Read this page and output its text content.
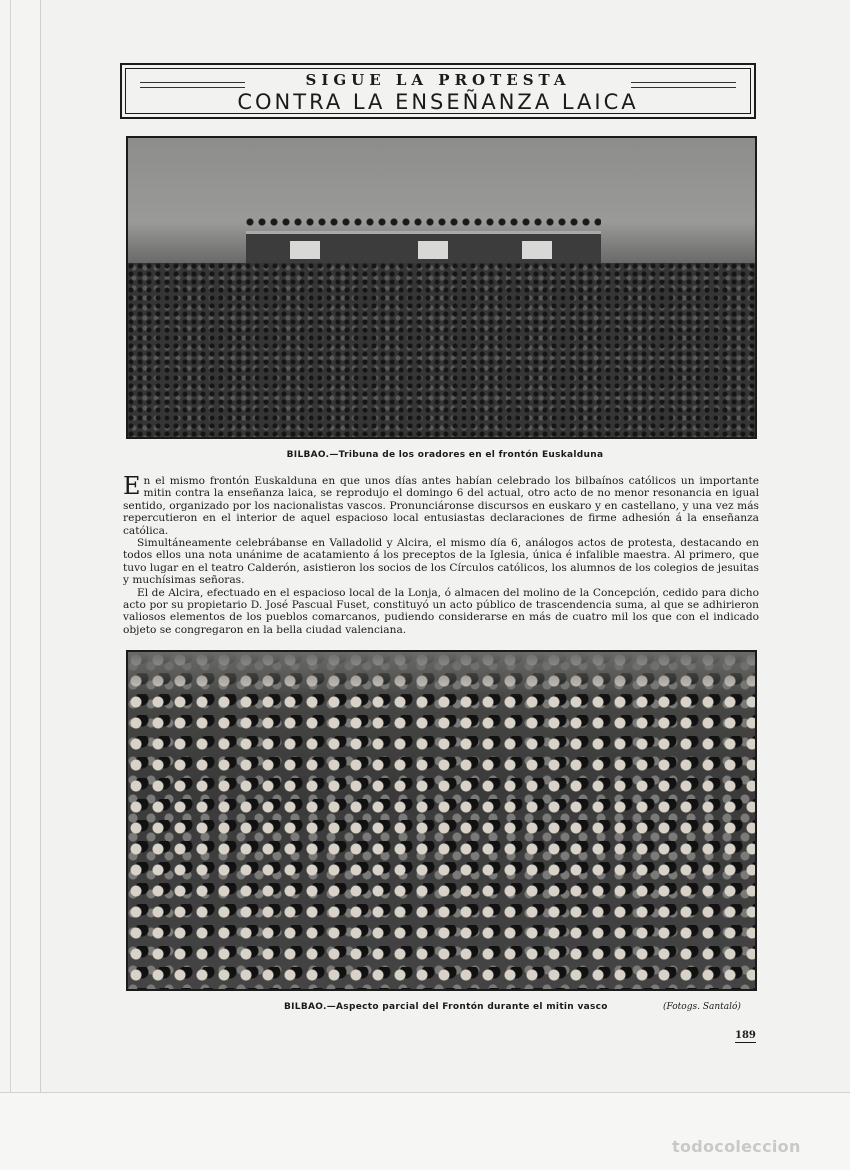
SIGUE LA PROTESTA
CONTRA LA ENSEÑANZA LAICA
BILBAO.—Tribuna de los oradores en el frontón Euskalduna

En el mismo frontón Euskalduna en que unos días antes habían celebrado los bilbaínos católicos un importante mitin contra la enseñanza laica, se reprodujo el domingo 6 del actual, otro acto de no menor resonancia en igual sentido, organizado por los nacionalistas vascos. Pronunciáronse discursos en euskaro y en castellano, y una vez más repercutieron en el interior de aquel espacioso local entusiastas declaraciones de firme adhesión á la enseñanza católica.

Simultáneamente celebrábanse en Valladolid y Alcira, el mismo día 6, análogos actos de protesta, destacando en todos ellos una nota unánime de acatamiento á los preceptos de la Iglesia, única é infalible maestra. Al primero, que tuvo lugar en el teatro Calderón, asistieron los socios de los Círculos católicos, los alumnos de los colegios de jesuitas y muchísimas señoras.

El de Alcira, efectuado en el espacioso local de la Lonja, ó almacen del molino de la Concepción, cedido para dicho acto por su propietario D. José Pascual Fuset, constituyó un acto público de trascendencia suma, al que se adhirieron valiosos elementos de los pueblos comarcanos, pudiendo considerarse en más de cuatro mil los que con el indicado objeto se congregaron en la bella ciudad valenciana.

BILBAO.—Aspecto parcial del Frontón durante el mitin vasco	(Fotogs. Santaló)
189
todocoleccion
